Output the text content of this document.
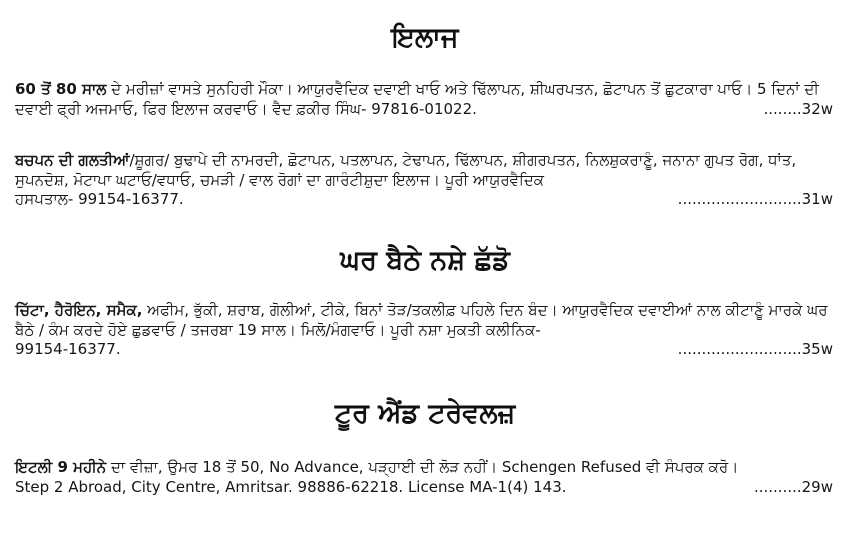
ਇਲਾਜ

60 ਤੋਂ 80 ਸਾਲ ਦੇ ਮਰੀਜ਼ਾਂ ਵਾਸਤੇ ਸੁਨਹਿਰੀ ਮੌਕਾ। ਆਯੁਰਵੈਦਿਕ ਦਵਾਈ ਖਾਓ ਅਤੇ ਢਿੱਲਾਪਨ, ਸ਼ੀਘਰਪਤਨ, ਛੋਟਾਪਨ ਤੋਂ ਛੁਟਕਾਰਾ ਪਾਓ। 5 ਦਿਨਾਂ ਦੀ ਦਵਾਈ ਫ੍ਰੀ ਅਜਮਾਓ, ਫਿਰ ਇਲਾਜ ਕਰਵਾਓ। ਵੈਦ ਫ਼ਕੀਰ ਸਿੰਘ- 97816-01022.	........32w

ਬਚਪਨ ਦੀ ਗਲਤੀਆਂ/ਸ਼ੂਗਰ/ ਬੁਢਾਪੇ ਦੀ ਨਾਮਰਦੀ, ਛੋਟਾਪਨ, ਪਤਲਾਪਨ, ਟੇਢਾਪਨ, ਢਿੱਲਾਪਨ, ਸ਼ੀਗਰਪਤਨ, ਨਿਲਸ਼ੁਕਰਾਣੂੰ, ਜਨਾਨਾ ਗੁਪਤ ਰੋਗ, ਧਾਂਤ, ਸੁਪਨਦੋਸ਼, ਮੋਟਾਪਾ ਘਟਾਓ/ਵਧਾਓ, ਚਮੜੀ / ਵਾਲ ਰੋਗਾਂ ਦਾ ਗਾਰੰਟੀਸ਼ੁਦਾ ਇਲਾਜ। ਪੂਰੀ ਆਯੁਰਵੈਦਿਕ

ਹਸਪਤਾਲ- 99154-16377.	..........................31w
ਘਰ ਬੈਠੇ ਨਸ਼ੇ ਛੱਡੋ

ਚਿੱਟਾ, ਹੈਰੋਇਨ, ਸਮੈਕ, ਅਫੀਮ, ਭੁੱਕੀ, ਸ਼ਰਾਬ, ਗੋਲੀਆਂ, ਟੀਕੇ, ਬਿਨਾਂ ਤੋੜ/ਤਕਲੀਫ਼ ਪਹਿਲੇ ਦਿਨ ਬੰਦ। ਆਯੁਰਵੈਦਿਕ ਦਵਾਈਆਂ ਨਾਲ ਕੀਟਾਣੂੰ ਮਾਰਕੇ ਘਰ ਬੈਠੇ / ਕੰਮ ਕਰਦੇ ਹੋਏ ਛੁਡਵਾਓ / ਤਜਰਬਾ 19 ਸਾਲ। ਮਿਲੋ/ਮੰਗਵਾਓ। ਪੂਰੀ ਨਸ਼ਾ ਮੁਕਤੀ ਕਲੀਨਿਕ-

99154-16377.	..........................35w
ਟੂਰ ਐਂਡ ਟਰੇਵਲਜ਼

ਇਟਲੀ 9 ਮਹੀਨੇ ਦਾ ਵੀਜ਼ਾ, ਉਮਰ 18 ਤੋਂ 50, No Advance, ਪੜ੍ਹਾਈ ਦੀ ਲੋੜ ਨਹੀਂ। Schengen Refused ਵੀ ਸੰਪਰਕ ਕਰੋ।

Step 2 Abroad, City Centre, Amritsar. 98886-62218. License MA-1(4) 143.	..........29w
